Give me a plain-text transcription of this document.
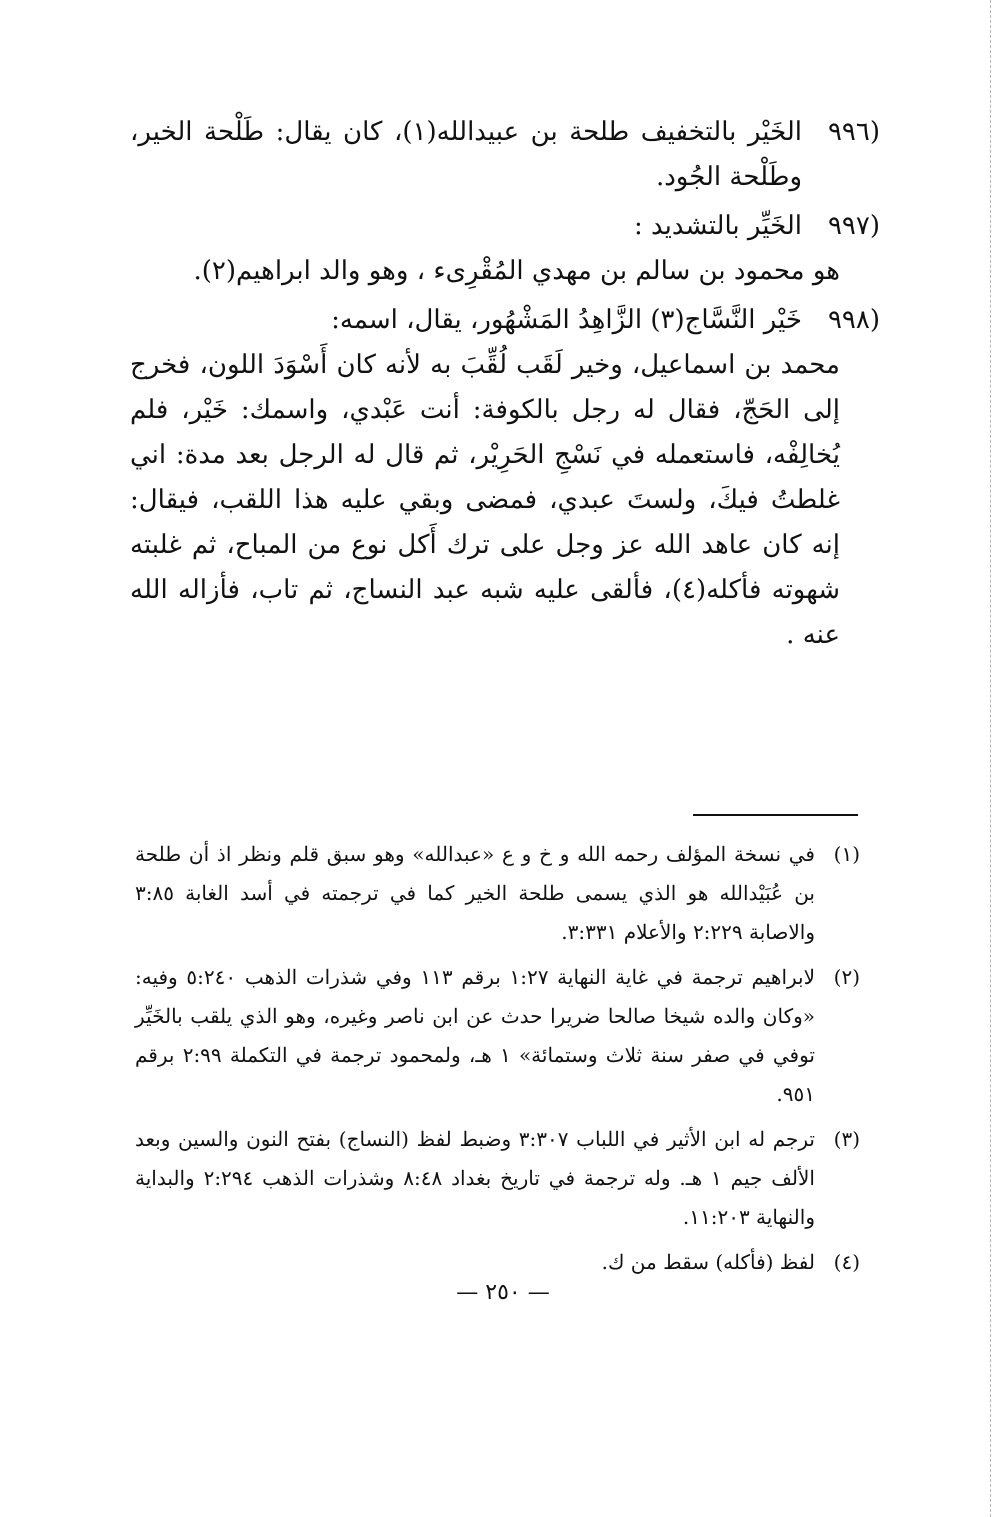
٩٩٦)
الخَيْر بالتخفيف طلحة بن عبيدالله(١)، كان يقال: طَلْحة الخير، وطَلْحة الجُود.
٩٩٧)
الخَيِّر بالتشديد :
هو محمود بن سالم بن مهدي المُقْرِىء ، وهو والد ابراهيم(٢).
٩٩٨)
خَيْر النَّسَّاج(٣) الزَّاهِدُ المَشْهُور، يقال، اسمه:
محمد بن اسماعيل، وخير لَقَب لُقِّبَ به لأنه كان أَسْوَدَ اللون، فخرج إلى الحَجّ، فقال له رجل بالكوفة: أنت عَبْدي، واسمك: خَيْر، فلم يُخالِفْه، فاستعمله في نَسْجِ الحَرِيْر، ثم قال له الرجل بعد مدة: اني غلطتُ فيكَ، ولستَ عبدي، فمضى وبقي عليه هذا اللقب، فيقال: إنه كان عاهد الله عز وجل على ترك أَكل نوع من المباح، ثم غلبته شهوته فأكله(٤)، فألقى عليه شبه عبد النساج، ثم تاب، فأزاله الله عنه .
(١)
في نسخة المؤلف رحمه الله و خ و ع «عبدالله» وهو سبق قلم ونظر اذ أن طلحة بن عُبَيْدالله هو الذي يسمى طلحة الخير كما في ترجمته في أسد الغابة ٣:٨٥ والاصابة ٢:٢٢٩ والأعلام ٣:٣٣١.
(٢)
لابراهيم ترجمة في غاية النهاية ١:٢٧ برقم ١١٣ وفي شذرات الذهب ٥:٢٤٠ وفيه: «وكان والده شيخا صالحا ضريرا حدث عن ابن ناصر وغيره، وهو الذي يلقب بالخَيِّر توفي في صفر سنة ثلاث وستمائة» ١ هـ، ولمحمود ترجمة في التكملة ٢:٩٩ برقم ٩٥١.
(٣)
ترجم له ابن الأثير في اللباب ٣:٣٠٧ وضبط لفظ (النساج) بفتح النون والسين وبعد الألف جيم ١ هـ. وله ترجمة في تاريخ بغداد ٨:٤٨ وشذرات الذهب ٢:٢٩٤ والبداية والنهاية ١١:٢٠٣.
(٤)
لفظ (فأكله) سقط من ك.
— ٢٥٠ —
